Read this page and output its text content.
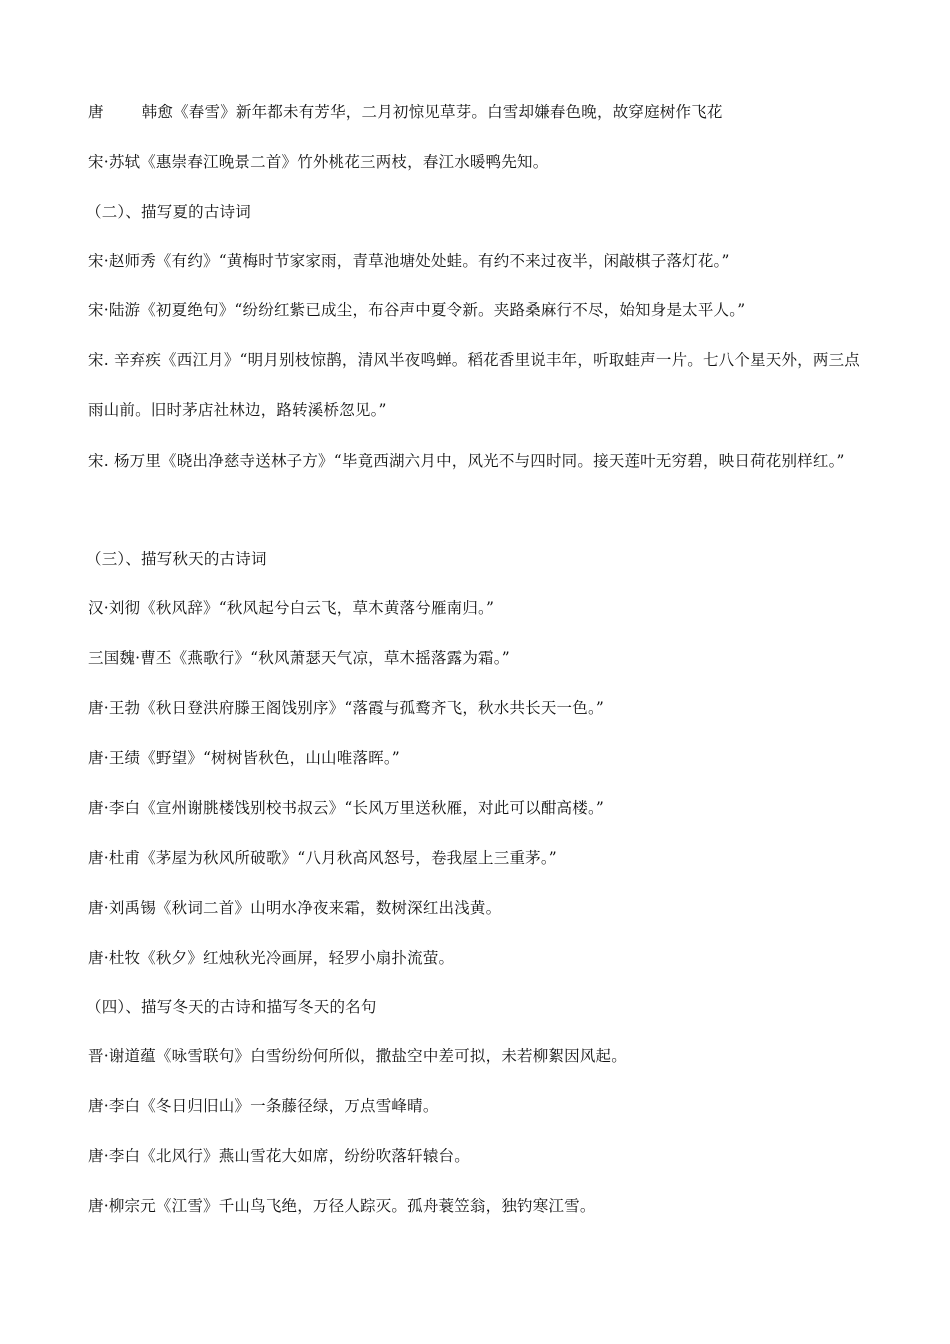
唐 韩愈《春雪》新年都未有芳华，二月初惊见草芽。白雪却嫌春色晚，故穿庭树作飞花
宋·苏轼《惠崇春江晚景二首》竹外桃花三两枝，春江水暖鸭先知。
（二）、描写夏的古诗词
宋·赵师秀《有约》“黄梅时节家家雨，青草池塘处处蛙。有约不来过夜半，闲敲棋子落灯花。”
宋·陆游《初夏绝句》“纷纷红紫已成尘，布谷声中夏令新。夹路桑麻行不尽，始知身是太平人。”
宋. 辛弃疾《西江月》“明月别枝惊鹊，清风半夜鸣蝉。稻花香里说丰年，听取蛙声一片。七八个星天外，两三点雨山前。旧时茅店社林边，路转溪桥忽见。”
宋. 杨万里《晓出净慈寺送林子方》“毕竟西湖六月中，风光不与四时同。接天莲叶无穷碧，映日荷花别样红。”
（三）、描写秋天的古诗词
汉·刘彻《秋风辞》“秋风起兮白云飞，草木黄落兮雁南归。”
三国魏·曹丕《燕歌行》“秋风萧瑟天气凉，草木摇落露为霜。”
唐·王勃《秋日登洪府滕王阁饯别序》“落霞与孤鹜齐飞，秋水共长天一色。”
唐·王绩《野望》“树树皆秋色，山山唯落晖。”
唐·李白《宣州谢朓楼饯别校书叔云》“长风万里送秋雁，对此可以酣高楼。”
唐·杜甫《茅屋为秋风所破歌》“八月秋高风怒号，卷我屋上三重茅。”
唐·刘禹锡《秋词二首》山明水净夜来霜，数树深红出浅黄。
唐·杜牧《秋夕》红烛秋光冷画屏，轻罗小扇扑流萤。
（四）、描写冬天的古诗和描写冬天的名句
晋·谢道蕴《咏雪联句》白雪纷纷何所似，撒盐空中差可拟，未若柳絮因风起。
唐·李白《冬日归旧山》一条藤径绿，万点雪峰晴。
唐·李白《北风行》燕山雪花大如席，纷纷吹落轩辕台。
唐·柳宗元《江雪》千山鸟飞绝，万径人踪灭。孤舟蓑笠翁，独钓寒江雪。
